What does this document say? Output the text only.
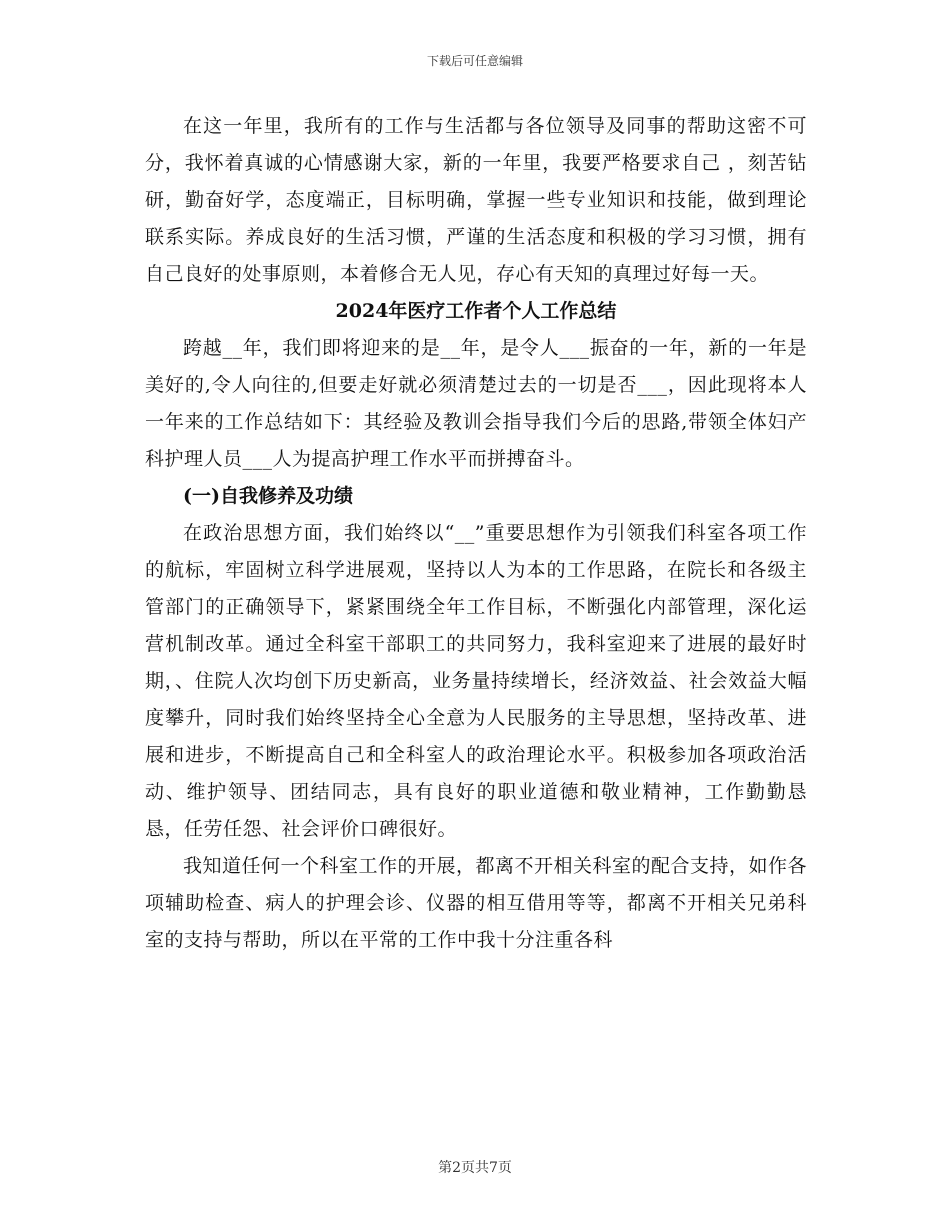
下载后可任意编辑

在这一年里，我所有的工作与生活都与各位领导及同事的帮助这密不可分，我怀着真诚的心情感谢大家，新的一年里，我要严格要求自己 ，刻苦钻研，勤奋好学，态度端正，目标明确，掌握一些专业知识和技能，做到理论联系实际。养成良好的生活习惯，严谨的生活态度和积极的学习习惯，拥有自己良好的处事原则，本着修合无人见，存心有天知的真理过好每一天。

2024年医疗工作者个人工作总结

跨越__年，我们即将迎来的是__年，是令人___振奋的一年，新的一年是美好的,令人向往的,但要走好就必须清楚过去的一切是否___，因此现将本人一年来的工作总结如下：其经验及教训会指导我们今后的思路,带领全体妇产科护理人员___人为提高护理工作水平而拼搏奋斗。

(一)自我修养及功绩

在政治思想方面，我们始终以“__”重要思想作为引领我们科室各项工作的航标，牢固树立科学进展观，坚持以人为本的工作思路，在院长和各级主管部门的正确领导下，紧紧围绕全年工作目标，不断强化内部管理，深化运营机制改革。通过全科室干部职工的共同努力，我科室迎来了进展的最好时期，、住院人次均创下历史新高，业务量持续增长，经济效益、社会效益大幅度攀升，同时我们始终坚持全心全意为人民服务的主导思想，坚持改革、进展和进步，不断提高自己和全科室人的政治理论水平。积极参加各项政治活动、维护领导、团结同志，具有良好的职业道德和敬业精神，工作勤勤恳恳，任劳任怨、社会评价口碑很好。

我知道任何一个科室工作的开展，都离不开相关科室的配合支持，如作各项辅助检查、病人的护理会诊、仪器的相互借用等等，都离不开相关兄弟科室的支持与帮助，所以在平常的工作中我十分注重各科

第2页共7页
